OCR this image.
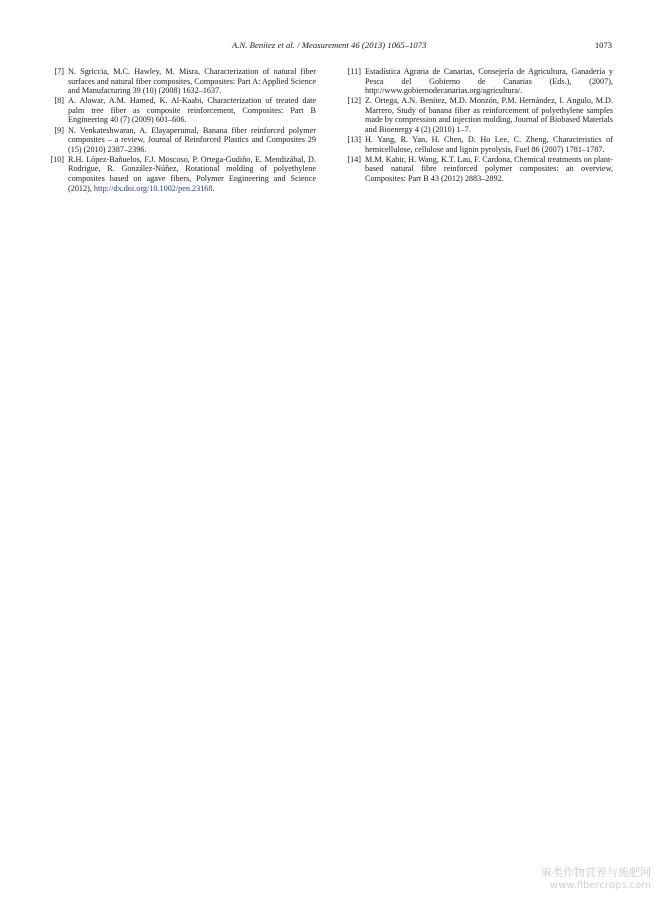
A.N. Benítez et al. / Measurement 46 (2013) 1065–1073	1073
[7] N. Sgriccia, M.C. Hawley, M. Misra, Characterization of natural fiber surfaces and natural fiber composites, Composites: Part A: Applied Science and Manufacturing 39 (10) (2008) 1632–1637.
[8] A. Alawar, A.M. Hamed, K. Al-Kaabi, Characterization of treated date palm tree fiber as composite reinforcement, Composites: Part B Engineering 40 (7) (2009) 601–606.
[9] N. Venkateshwaran, A. Elayaperumal, Banana fiber reinforced polymer composites – a review, Journal of Reinforced Plastics and Composites 29 (15) (2010) 2387–2396.
[10] R.H. López-Bañuelos, F.J. Moscoso, P. Ortega-Gudiño, E. Mendizábal, D. Rodrigue, R. González-Núñez, Rotational molding of polyethylene composites based on agave fibers, Polymer Engineering and Science (2012), http://dx.doi.org/10.1002/pen.23168.
[11] Estadística Agraria de Canarias, Consejería de Agricultura, Ganadería y Pesca del Gobierno de Canarias (Eds.), (2007), http://www.gobiernodecanarias.org/agricultura/.
[12] Z. Ortega, A.N. Benítez, M.D. Monzón, P.M. Hernández, I. Angulo, M.D. Marrero, Study of banana fiber as reinforcement of polyethylene samples made by compression and injection molding, Journal of Biobased Materials and Bioenergy 4 (2) (2010) 1–7.
[13] H. Yang, R. Yan, H. Chen, D. Ho Lee, C. Zheng, Characteristics of hemicellulose, cellulose and lignin pyrolysis, Fuel 86 (2007) 1781–1787.
[14] M.M. Kabir, H. Wang, K.T. Lau, F. Cardona, Chemical treatments on plant-based natural fibre reinforced polymer composites: an overview, Composites: Part B 43 (2012) 2883–2892.
麻类作物营养与施肥网
www.fibercrops.com
